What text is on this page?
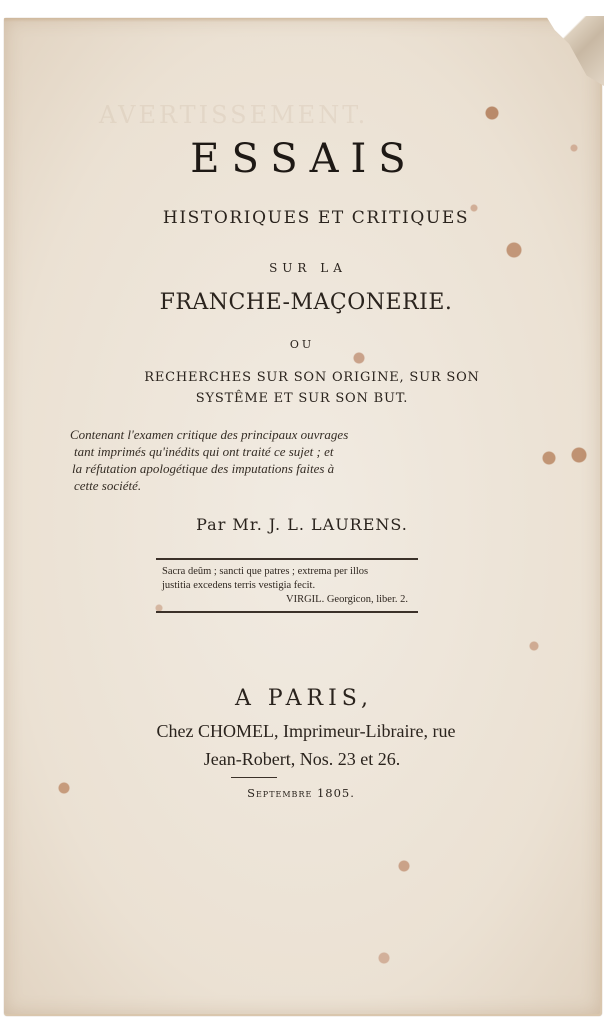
AVERTISSEMENT.
ESSAIS
HISTORIQUES ET CRITIQUES
SUR LA
FRANCHE-MAÇONERIE.
OU
RECHERCHES SUR SON ORIGINE, SUR SON
SYSTÊME ET SUR SON BUT.
Contenant l'examen critique des principaux ouvrages
tant imprimés qu'inédits qui ont traité ce sujet ; et
la réfutation apologétique des imputations faites à
cette société.
Par Mr. J. L. LAURENS.
Sacra deûm ; sancti que patres ; extrema per illos
justitia excedens terris vestigia fecit.
VIRGIL. Georgicon, liber. 2.
A PARIS,
Chez CHOMEL, Imprimeur-Libraire, rue
Jean-Robert, Nos. 23 et 26.
Septembre 1805.
